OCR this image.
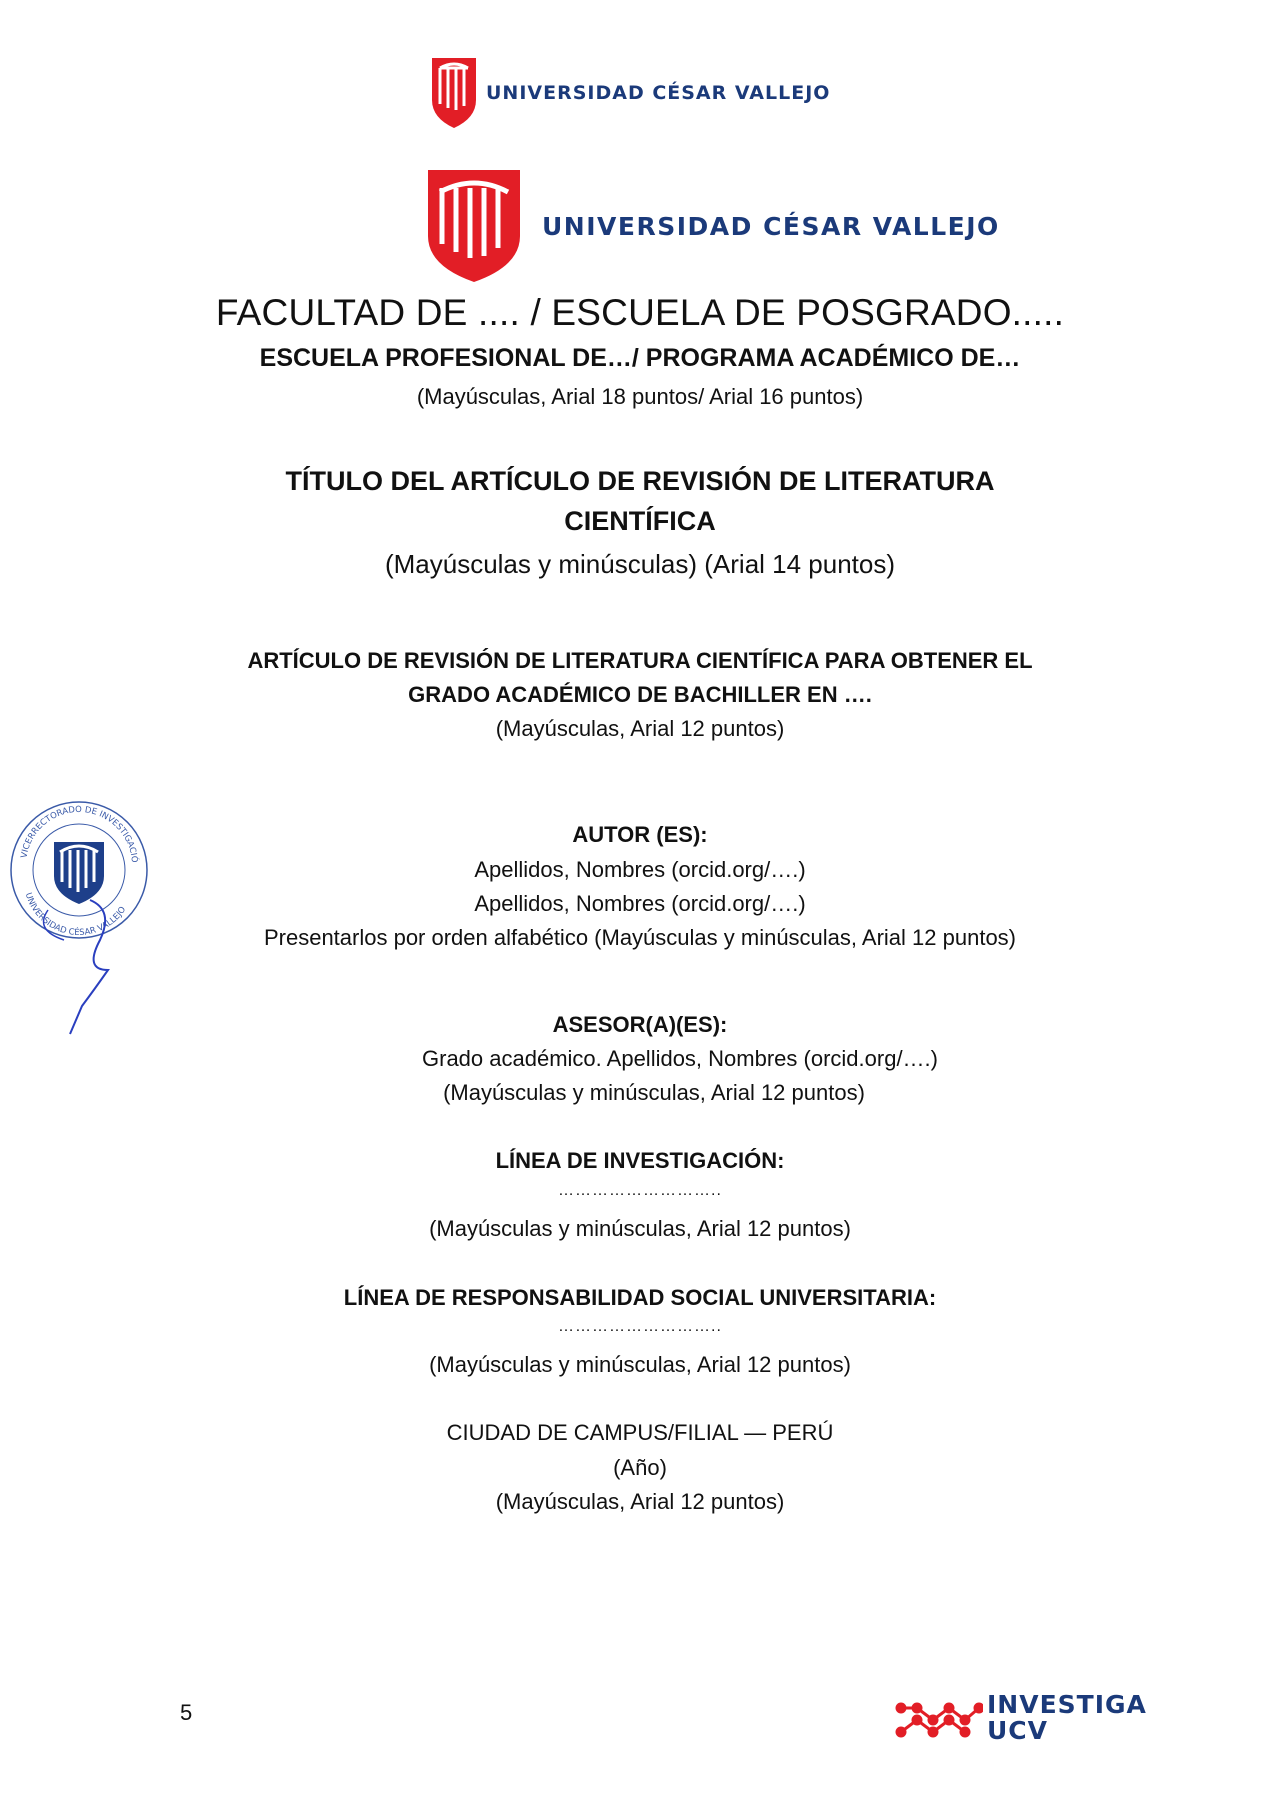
UNIVERSIDAD CÉSAR VALLEJO
UNIVERSIDAD CÉSAR VALLEJO
FACULTAD DE .... / ESCUELA DE POSGRADO.....
ESCUELA PROFESIONAL DE…/ PROGRAMA ACADÉMICO DE…
(Mayúsculas, Arial 18 puntos/ Arial 16 puntos)
TÍTULO DEL ARTÍCULO DE REVISIÓN DE LITERATURA
CIENTÍFICA
(Mayúsculas y minúsculas) (Arial 14 puntos)
ARTÍCULO DE REVISIÓN DE LITERATURA CIENTÍFICA PARA OBTENER EL
GRADO ACADÉMICO DE BACHILLER EN ….
(Mayúsculas, Arial 12 puntos)
VICERRECTORADO DE INVESTIGACIÓ
UNIVERSIDAD CÉSAR VALLEJO
AUTOR (ES):
Apellidos, Nombres (orcid.org/….)
Apellidos, Nombres (orcid.org/….)
Presentarlos por orden alfabético (Mayúsculas y minúsculas, Arial 12 puntos)
ASESOR(A)(ES):
Grado académico. Apellidos, Nombres (orcid.org/….)
(Mayúsculas y minúsculas, Arial 12 puntos)
LÍNEA DE INVESTIGACIÓN:
………………………..
(Mayúsculas y minúsculas, Arial 12 puntos)
LÍNEA DE RESPONSABILIDAD SOCIAL UNIVERSITARIA:
………………………..
(Mayúsculas y minúsculas, Arial 12 puntos)
CIUDAD DE CAMPUS/FILIAL — PERÚ
(Año)
(Mayúsculas, Arial 12 puntos)
5	INVESTIGA
UCV
